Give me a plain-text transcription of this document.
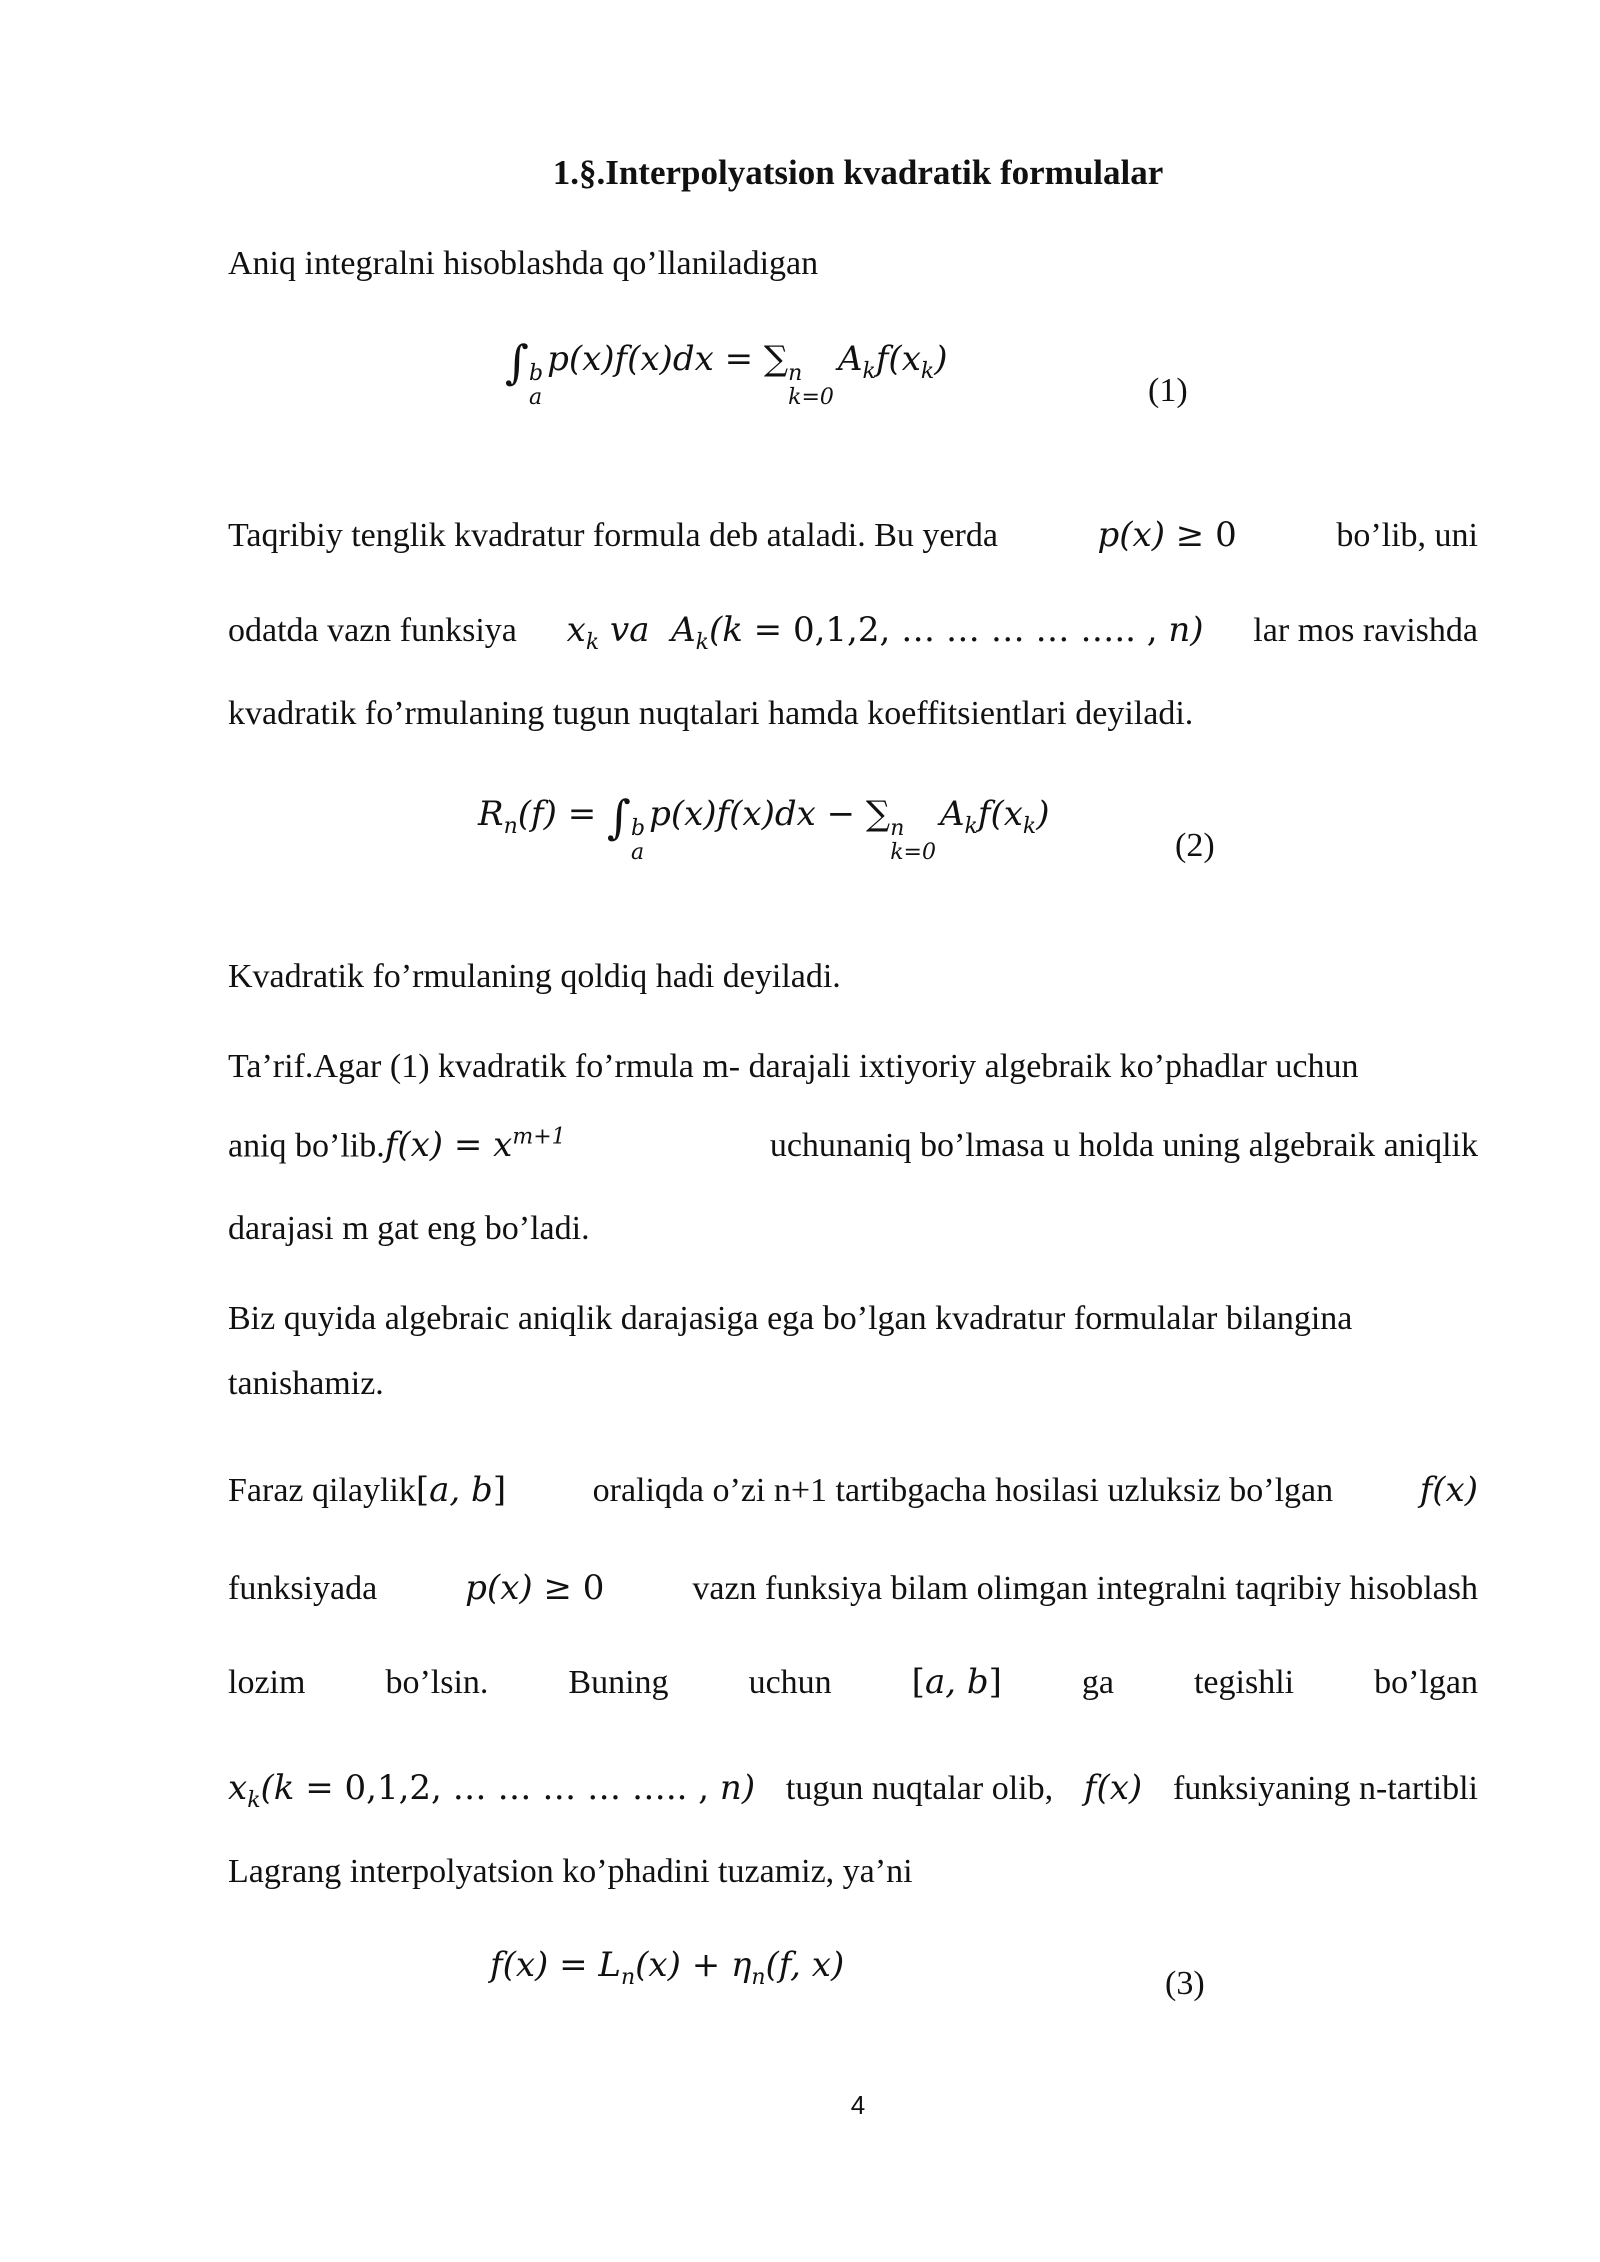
1.§.Interpolyatsion kvadratik formulalar
Aniq integralni hisoblashda qo’llaniladigan
∫ b
a
p(x)f(x)dx = ∑ n
k=0
$A_kf(x_k)$
(1)
Taqribiy tenglik kvadratur formula deb ataladi. Bu yerda	p(x) ≥ 0	bo’lib, uni
odatda vazn funksiya $x_k$ va  $A_k(k = 0,1,2$, … … … … ….. , n) lar mos ravishda
kvadratik fo’rmulaning tugun nuqtalari hamda koeffitsientlari deyiladi.
$R_n(f)$ = ∫ b
a
p(x)f(x)dx − ∑ n
k=0
$A_kf(x_k)$
(2)
Kvadratik fo’rmulaning qoldiq hadi deyiladi.
Ta’rif.Agar (1) kvadratik fo’rmula m- darajali ixtiyoriy algebraik ko’phadlar uchun
aniq bo’lib.f(x) = $x^{m+1}$	uchunaniq bo’lmasa u holda uning algebraik aniqlik
darajasi m gat eng bo’ladi.
Biz quyida algebraic aniqlik darajasiga ega bo’lgan kvadratur formulalar bilangina
tanishamiz.
Faraz qilaylik[a, b]	oraliqda o’zi n+1 tartibgacha hosilasi uzluksiz bo’lgan	f(x)
funksiyada	p(x) ≥ 0	vazn funksiya bilam olimgan integralni taqribiy hisoblash
lozim bo’lsin. Buning uchun [a, b] ga tegishli bo’lgan
$x_k(k = 0,1,2$, … … … … ….. , n) tugun nuqtalar olib, f(x) funksiyaning n-tartibli
Lagrang interpolyatsion ko’phadini tuzamiz, ya’ni
$f(x) = L_n(x) + \eta_n(f$, x)	(3)
4
